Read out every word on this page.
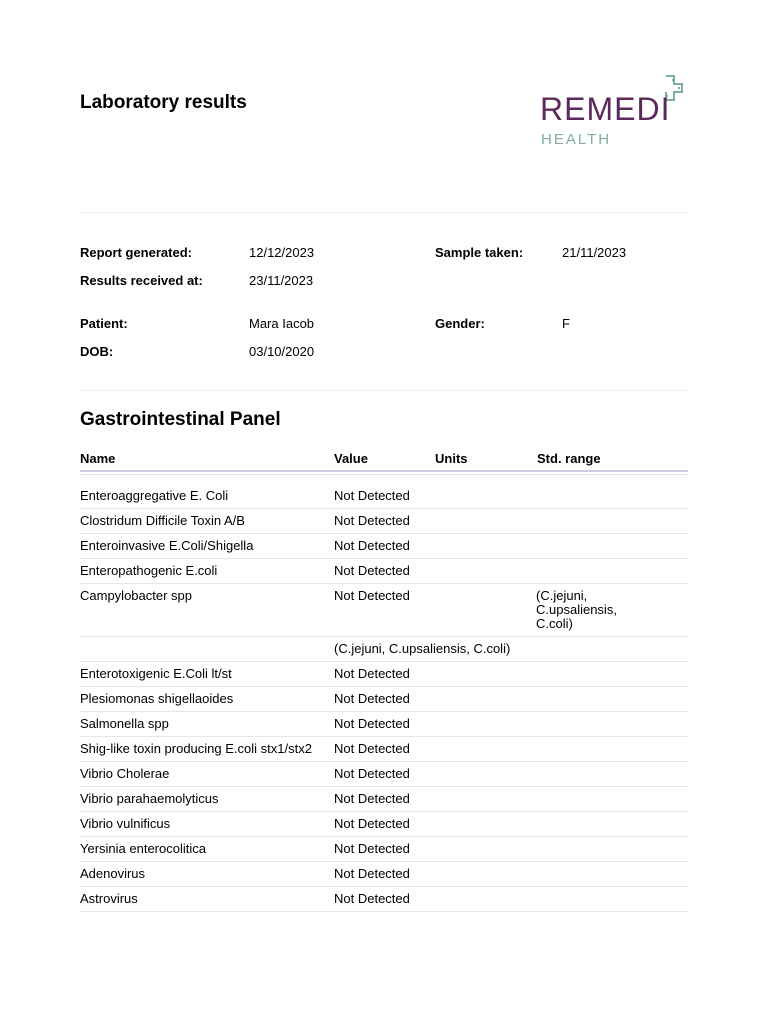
Laboratory results	REMEDI
HEALTH
Report generated:	12/12/2023	Sample taken:	21/11/2023
Results received at:	23/11/2023
Patient:	Mara Iacob	Gender:	F
DOB:	03/10/2020
Gastrointestinal Panel
Name	Value	Units	Std. range
Enteroaggregative E. Coli	Not Detected		
Clostridum Difficile Toxin A/B	Not Detected		
Enteroinvasive E.Coli/Shigella	Not Detected		
Enteropathogenic E.coli	Not Detected		
Campylobacter spp	Not Detected		(C.jejuni, C.upsaliensis, C.coli)
	(C.jejuni, C.upsaliensis, C.coli)		
Enterotoxigenic E.Coli lt/st	Not Detected		
Plesiomonas shigellaoides	Not Detected		
Salmonella spp	Not Detected		
Shig-like toxin producing E.coli stx1/stx2	Not Detected		
Vibrio Cholerae	Not Detected		
Vibrio parahaemolyticus	Not Detected		
Vibrio vulnificus	Not Detected		
Yersinia enterocolitica	Not Detected		
Adenovirus	Not Detected		
Astrovirus	Not Detected		
